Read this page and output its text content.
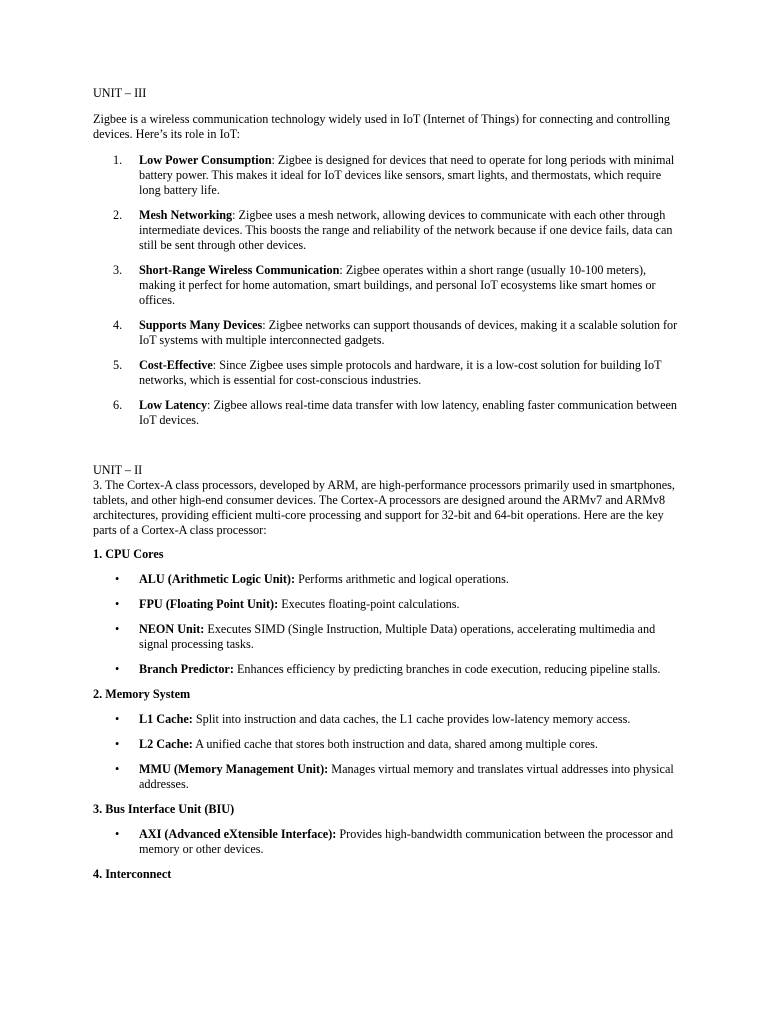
UNIT – III

Zigbee is a wireless communication technology widely used in IoT (Internet of Things) for connecting and controlling devices. Here’s its role in IoT:

1.	Low Power Consumption: Zigbee is designed for devices that need to operate for long periods with minimal battery power. This makes it ideal for IoT devices like sensors, smart lights, and thermostats, which require long battery life.
2.	Mesh Networking: Zigbee uses a mesh network, allowing devices to communicate with each other through intermediate devices. This boosts the range and reliability of the network because if one device fails, data can still be sent through other devices.
3.	Short-Range Wireless Communication: Zigbee operates within a short range (usually 10-100 meters), making it perfect for home automation, smart buildings, and personal IoT ecosystems like smart homes or offices.
4.	Supports Many Devices: Zigbee networks can support thousands of devices, making it a scalable solution for IoT systems with multiple interconnected gadgets.
5.	Cost-Effective: Since Zigbee uses simple protocols and hardware, it is a low-cost solution for building IoT networks, which is essential for cost-conscious industries.
6.	Low Latency: Zigbee allows real-time data transfer with low latency, enabling faster communication between IoT devices.

UNIT – II

3. The Cortex-A class processors, developed by ARM, are high-performance processors primarily used in smartphones, tablets, and other high-end consumer devices. The Cortex-A processors are designed around the ARMv7 and ARMv8 architectures, providing efficient multi-core processing and support for 32-bit and 64-bit operations. Here are the key parts of a Cortex-A class processor:

1. CPU Cores

• ALU (Arithmetic Logic Unit): Performs arithmetic and logical operations.
• FPU (Floating Point Unit): Executes floating-point calculations.
• NEON Unit: Executes SIMD (Single Instruction, Multiple Data) operations, accelerating multimedia and signal processing tasks.
• Branch Predictor: Enhances efficiency by predicting branches in code execution, reducing pipeline stalls.

2. Memory System

• L1 Cache: Split into instruction and data caches, the L1 cache provides low-latency memory access.
• L2 Cache: A unified cache that stores both instruction and data, shared among multiple cores.
• MMU (Memory Management Unit): Manages virtual memory and translates virtual addresses into physical addresses.

3. Bus Interface Unit (BIU)

• AXI (Advanced eXtensible Interface): Provides high-bandwidth communication between the processor and memory or other devices.

4. Interconnect
